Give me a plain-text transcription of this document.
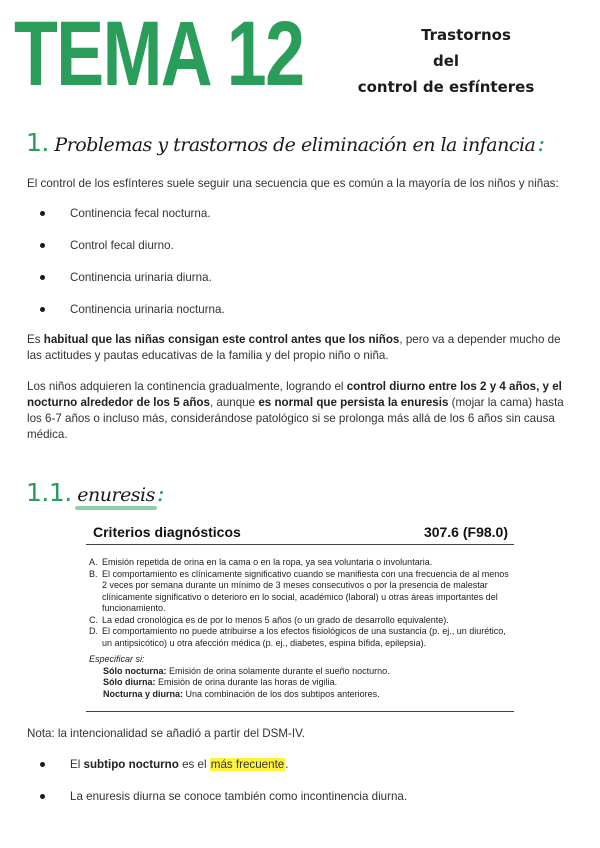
TEMA 12	Trastornos
del
control de esfínteres
1. Problemas y trastornos de eliminación en la infancia:

El control de los esfínteres suele seguir una secuencia que es común a la mayoría de los niños y niñas:

Continencia fecal nocturna.
Control fecal diurno.
Continencia urinaria diurna.
Continencia urinaria nocturna.

Es habitual que las niñas consigan este control antes que los niños, pero va a depender mucho de las actitudes y pautas educativas de la familia y del propio niño o niña.

Los niños adquieren la continencia gradualmente, logrando el control diurno entre los 2 y 4 años, y el nocturno alrededor de los 5 años, aunque es normal que persista la enuresis (mojar la cama) hasta los 6-7 años o incluso más, considerándose patológico si se prolonga más allá de los 6 años sin causa médica.

1.1. enuresis:
Criterios diagnósticos	307.6 (F98.0)
A. Emisión repetida de orina en la cama o en la ropa, ya sea voluntaria o involuntaria.
B. El comportamiento es clínicamente significativo cuando se manifiesta con una frecuencia de al menos 2 veces por semana durante un mínimo de 3 meses consecutivos o por la presencia de malestar clínicamente significativo o deterioro en lo social, académico (laboral) u otras áreas importantes del funcionamiento.
C. La edad cronológica es de por lo menos 5 años (o un grado de desarrollo equivalente).
D. El comportamiento no puede atribuirse a los efectos fisiológicos de una sustancia (p. ej., un diurético, un antipsicótico) u otra afección médica (p. ej., diabetes, espina bífida, epilepsia).
Especificar si:
Sólo nocturna: Emisión de orina solamente durante el sueño nocturno.
Sólo diurna: Emisión de orina durante las horas de vigilia.
Nocturna y diurna: Una combinación de los dos subtipos anteriores.

Nota: la intencionalidad se añadió a partir del DSM-IV.

El subtipo nocturno es el más frecuente.
La enuresis diurna se conoce también como incontinencia diurna.
